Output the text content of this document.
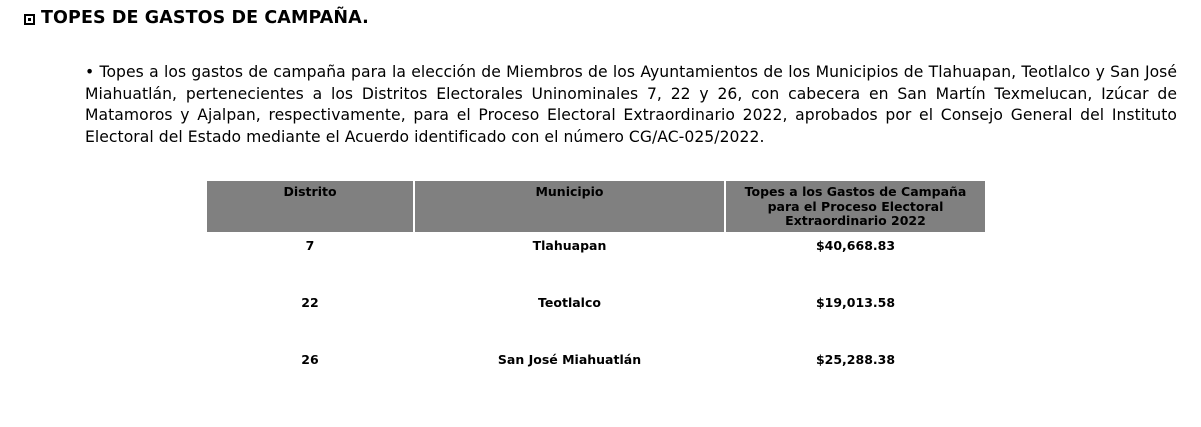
TOPES DE GASTOS DE CAMPAÑA.
• Topes a los gastos de campaña para la elección de Miembros de los Ayuntamientos de los Municipios de Tlahuapan, Teotlalco y San José Miahuatlán, pertenecientes a los Distritos Electorales Uninominales 7, 22 y 26, con cabecera en San Martín Texmelucan, Izúcar de Matamoros y Ajalpan, respectivamente, para el Proceso Electoral Extraordinario 2022, aprobados por el Consejo General del Instituto Electoral del Estado mediante el Acuerdo identificado con el número CG/AC-025/2022.
Distrito	Municipio	Topes a los Gastos de Campaña para el Proceso Electoral Extraordinario 2022
7	Tlahuapan	$40,668.83
22	Teotlalco	$19,013.58
26	San José Miahuatlán	$25,288.38
